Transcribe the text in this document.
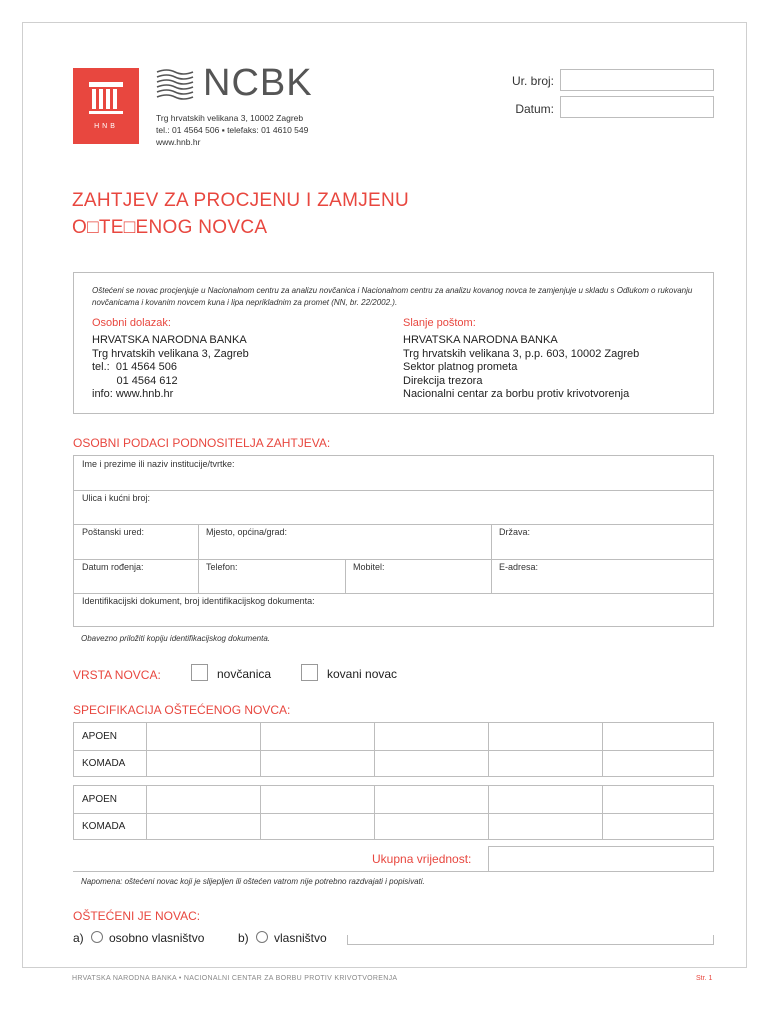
HNB
NCBK
Trg hrvatskih velikana 3, 10002 Zagreb
tel.: 01 4564 506 ▪ telefaks: 01 4610 549
www.hnb.hr
Ur. broj:
Datum:
ZAHTJEV ZA PROCJENU I ZAMJENU
O□TE□ENOG NOVCA
Oštećeni se novac procjenjuje u Nacionalnom centru za analizu novčanica i Nacionalnom centru za analizu kovanog novca te zamjenjuje u skladu s Odlukom o rukovanju novčanicama i kovanim novcem kuna i lipa neprikladnim za promet (NN, br. 22/2002.).
Osobni dolazak:
HRVATSKA NARODNA BANKA
Trg hrvatskih velikana 3, Zagreb
tel.:  01 4564 506
01 4564 612
info: www.hnb.hr
Slanje poštom:
HRVATSKA NARODNA BANKA
Trg hrvatskih velikana 3, p.p. 603, 10002 Zagreb
Sektor platnog prometa
Direkcija trezora
Nacionalni centar za borbu protiv krivotvorenja
OSOBNI PODACI PODNOSITELJA ZAHTJEVA:
Ime i prezime ili naziv institucije/tvrtke:
Ulica i kućni broj:
Poštanski ured:	Mjesto, općina/grad:	Država:
Datum rođenja:	Telefon:	Mobitel:	E-adresa:
Identifikacijski dokument, broj identifikacijskog dokumenta:
Obavezno priložiti kopiju identifikacijskog dokumenta.
VRSTA NOVCA:	novčanica	kovani novac
SPECIFIKACIJA OŠTEĆENOG NOVCA:
APOEN
KOMADA
APOEN
KOMADA
Ukupna vrijednost:
Napomena: oštećeni novac koji je slijepljen ili oštećen vatrom nije potrebno razdvajati i popisivati.
OŠTEĆENI JE NOVAC:
a) osobno vlasništvo	b) vlasništvo
HRVATSKA NARODNA BANKA • NACIONALNI CENTAR ZA BORBU PROTIV KRIVOTVORENJA	Str. 1
